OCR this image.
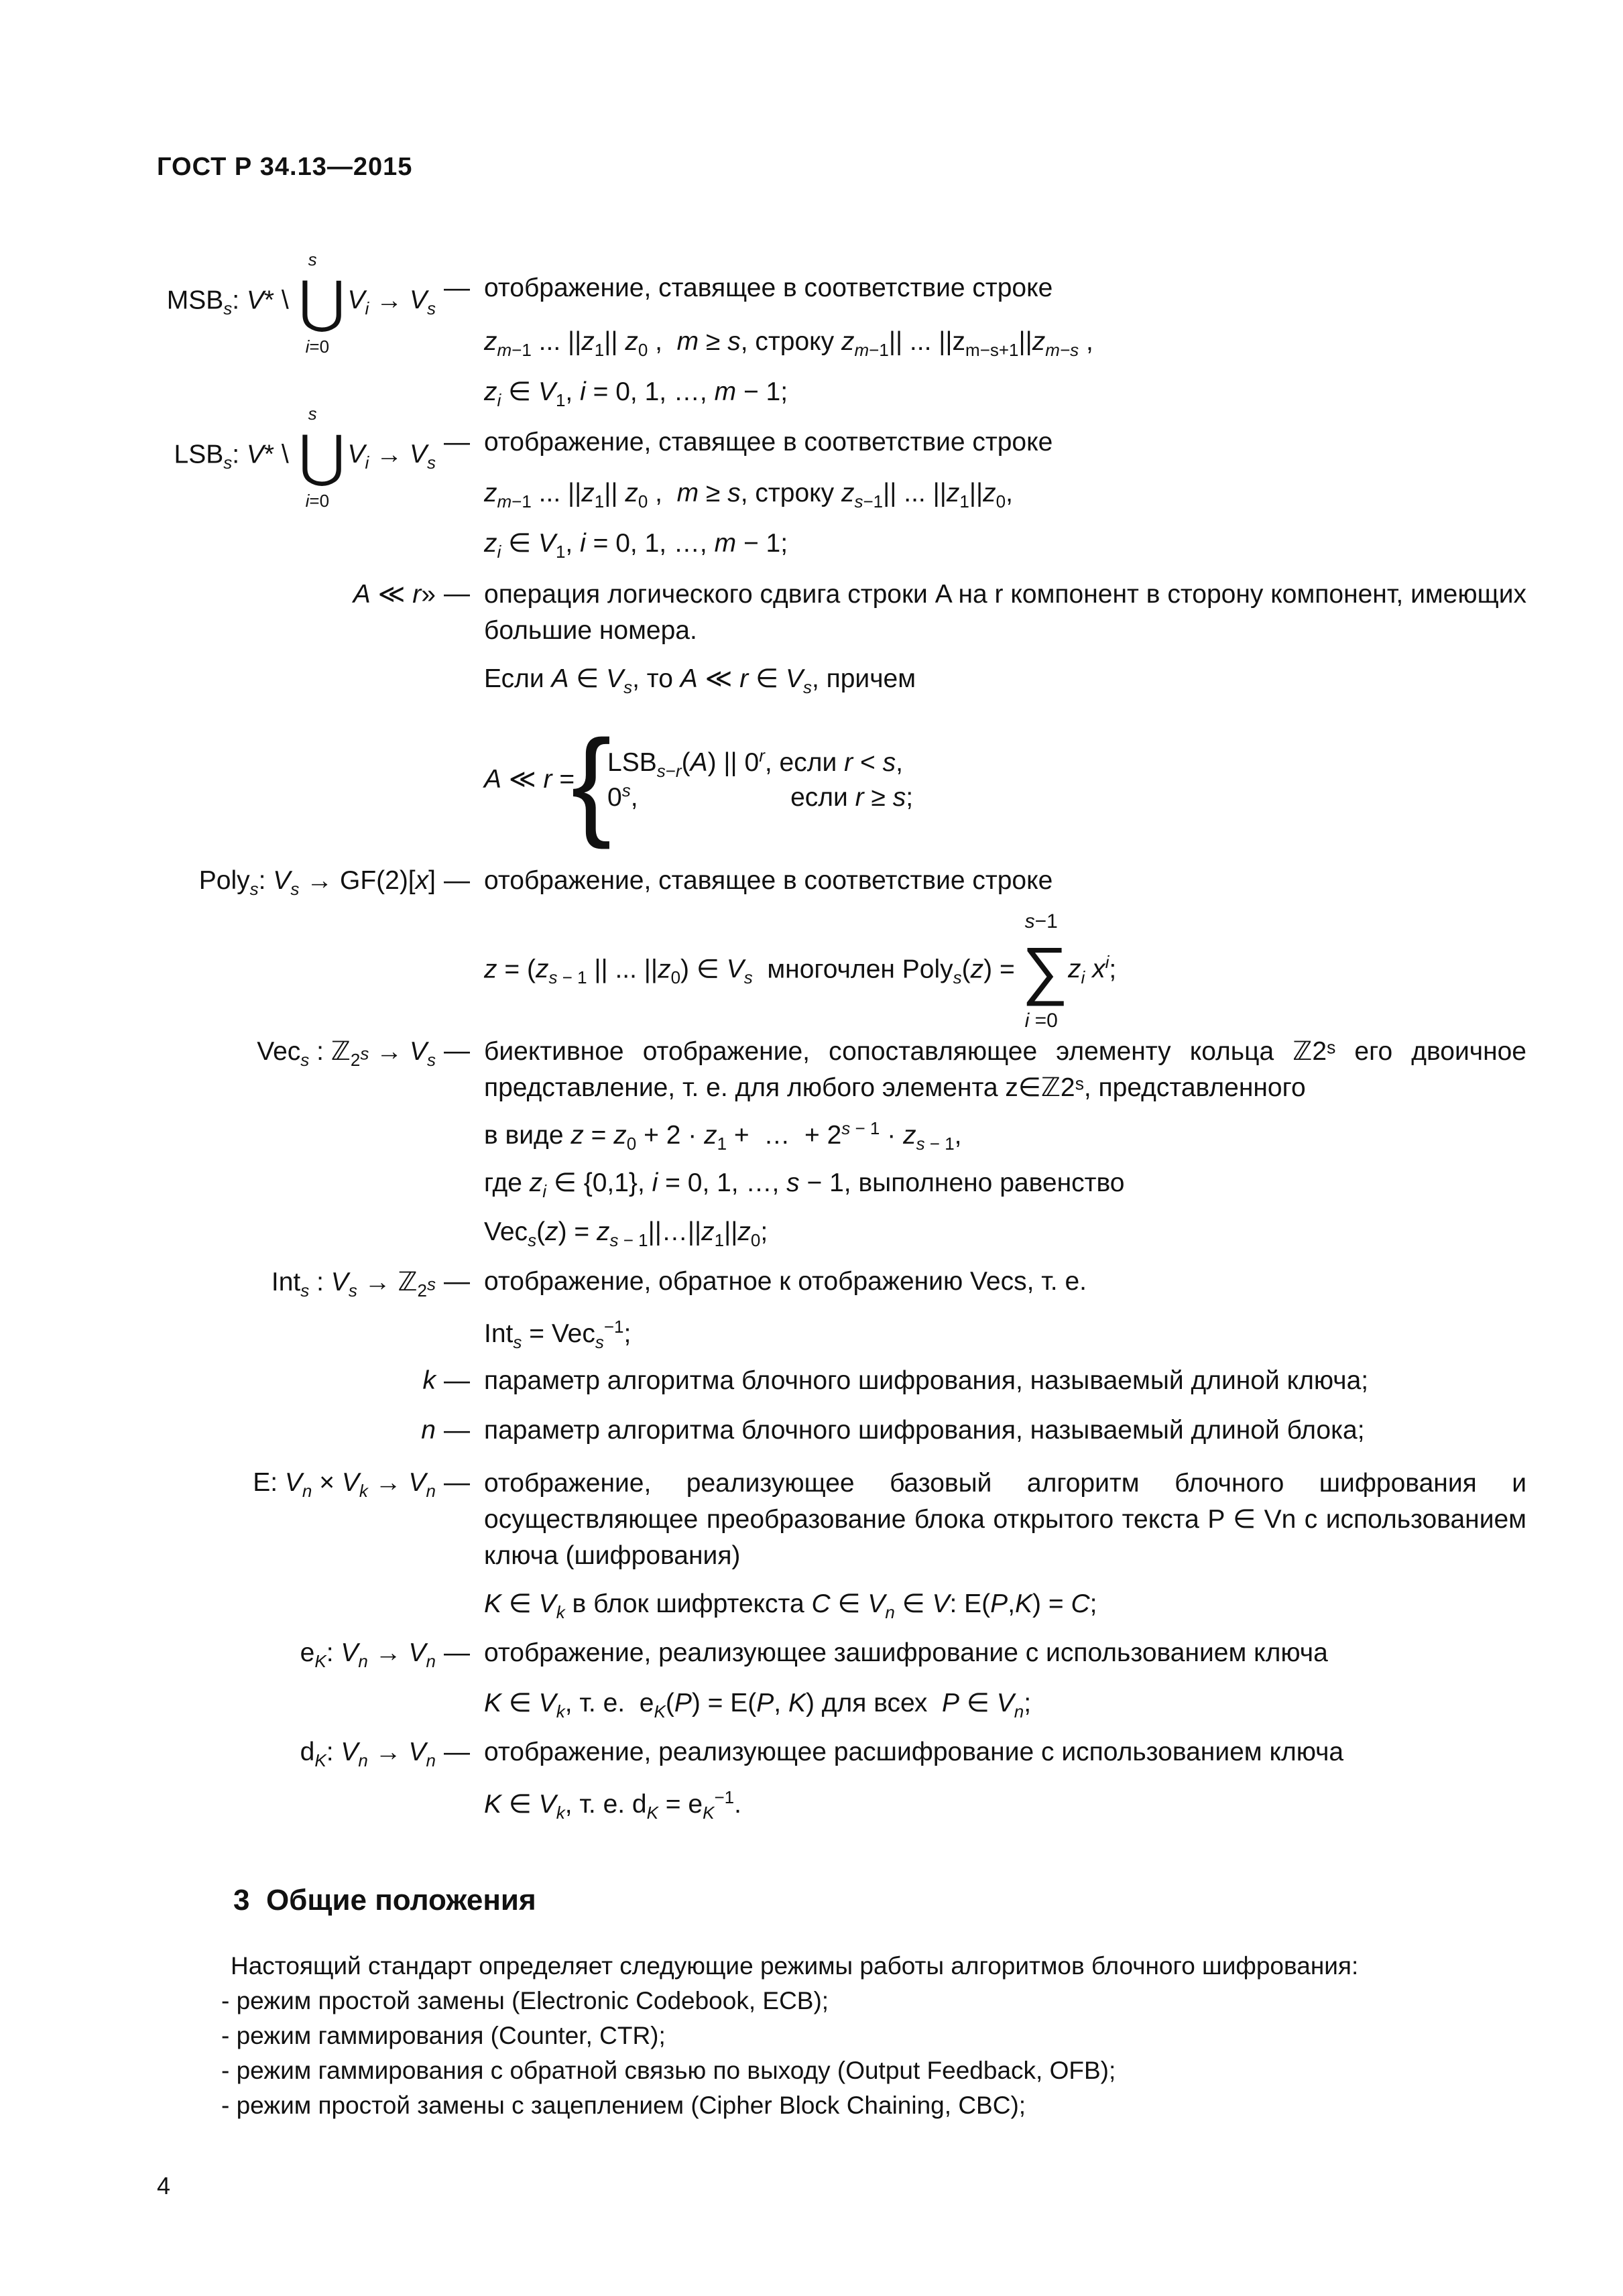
ГОСТ Р 34.13—2015
$MSB_s$: V* \ ⋃
s
i=0
$V_i \to V_s$
— отображение, ставящее в соответствие строке
$z_{m-1}$ ... $||z_1||$ $z_0$ ,  m ≥ s, строку $z_{m-1}||$ ... $||z_{m-s+1}||z_{m-s}$ ,
$z_i$ ∈ $V_1$, i = 0, 1, …, m − 1;
$LSB_s$: V* \ ⋃
s
i=0
$V_i \to V_s$
— отображение, ставящее в соответствие строке
$z_{m-1}$ ... $||z_1||$ $z_0$ ,  m ≥ s, строку $z_{s-1}||$ ... $||z_1||z_0$,
$z_i$ ∈ $V_1$, i = 0, 1, …, m − 1;
A ≪ r» — операция логического сдвига строки A на r компонент в сторону компонент, имеющих большие номера.
Если A ∈ $V_s$, то A ≪ r ∈ $V_s$, причем
A ≪ r =
{
$LSB_{s-r}(A)$ || 0$^r$, если r < s,
0$^s$,                     если r ≥ s;
Poly$_s$: $V_s \to GF(2)[x]$ — отображение, ставящее в соответствие строке
$z = (z_s$ $_{- 1}$ || ... $||z_0$) ∈ $V_s$  многочлен Poly$_s$(z) = ∑
s−1
i =0
$z_i$ $x^i$;
Vec$_s$ : ℤ$_{2^s}$ → $V_s$ — биективное отображение, сопоставляющее элементу кольца ℤ2ˢ его двоичное представление, т. е. для любого элемента z∈ℤ2ˢ, представленного
в виде $z = z_0 + 2 \cdot z_1$ +  …  + $2^{s - 1} \cdot z_s$ $_{- 1}$,
где $z_i$ ∈ {0,1}, i = 0, 1, …, s − 1, выполнено равенство
$Vec_s(z) = z_s$ $_{- 1}||\dots||z_1||z_0$;
Int$_s$ : $V_s$ → ℤ$_{2^s}$ — отображение, обратное к отображению Vecs, т. е.
Int$_s$ = Vec$_s^{-1}$;
k — параметр алгоритма блочного шифрования, называемый длиной ключа;
n — параметр алгоритма блочного шифрования, называемый длиной блока;
E: $V_n \times V_k \to V_n$ — отображение, реализующее базовый алгоритм блочного шифрования и осуществляющее преобразование блока открытого текста P ∈ Vn с использованием ключа (шифрования)
K ∈ $V_k$ в блок шифртекста C ∈ $V_n$ ∈ V: E(P,K) = C;
$e_K$: $V_n \to V_n$ — отображение, реализующее зашифрование с использованием ключа
K ∈ $V_k$, т. е.  $e_K(P) = E(P$, K) для всех  P ∈ $V_n$;
$d_K$: $V_n \to V_n$ — отображение, реализующее расшифрование с использованием ключа
K ∈ $V_k$, т. е. $d_K = e_K^{-1}$.
3 Общие положения
Настоящий стандарт определяет следующие режимы работы алгоритмов блочного шифрования:
- режим простой замены (Electronic Codebook, ECB);
- режим гаммирования (Counter, CTR);
- режим гаммирования с обратной связью по выходу (Output Feedback, OFB);
- режим простой замены с зацеплением (Cipher Block Chaining, CBC);
4
